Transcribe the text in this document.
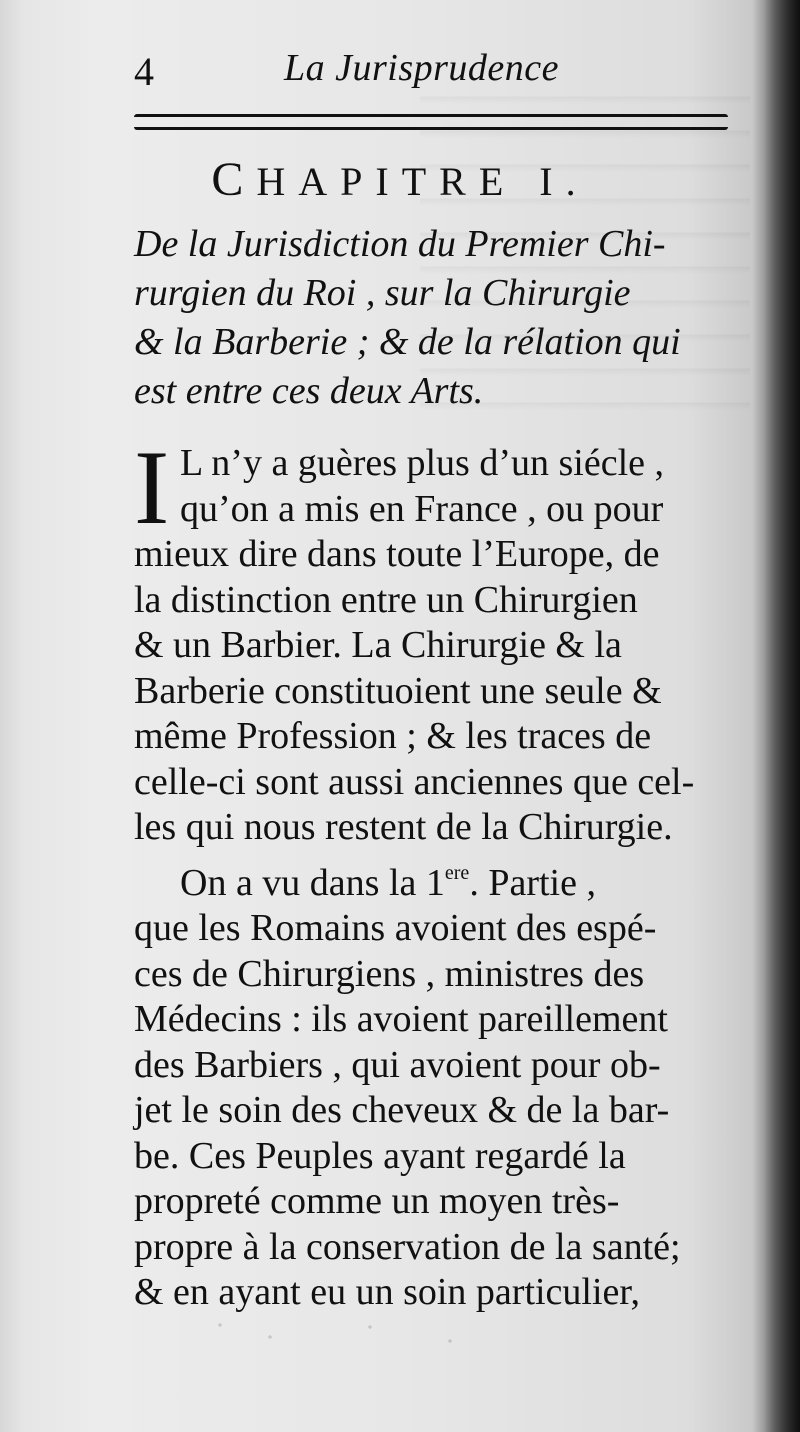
4	La Jurisprudence
CHAPITRE I.
De la Jurisdiction du Premier Chi-
rurgien du Roi , sur la Chirurgie
& la Barberie ; & de la rélation qui
est entre ces deux Arts.
I L n’y a guères plus d’un siécle ,
qu’on a mis en France , ou pour
mieux dire dans toute l’Europe, de
la distinction entre un Chirurgien
& un Barbier. La Chirurgie & la
Barberie constituoient une seule &
même Profession ; & les traces de
celle-ci sont aussi anciennes que cel-
les qui nous restent de la Chirurgie.
On a vu dans la 1ere. Partie ,
que les Romains avoient des espé-
ces de Chirurgiens , ministres des
Médecins : ils avoient pareillement
des Barbiers , qui avoient pour ob-
jet le soin des cheveux & de la bar-
be. Ces Peuples ayant regardé la
propreté comme un moyen très-
propre à la conservation de la santé;
& en ayant eu un soin particulier,
